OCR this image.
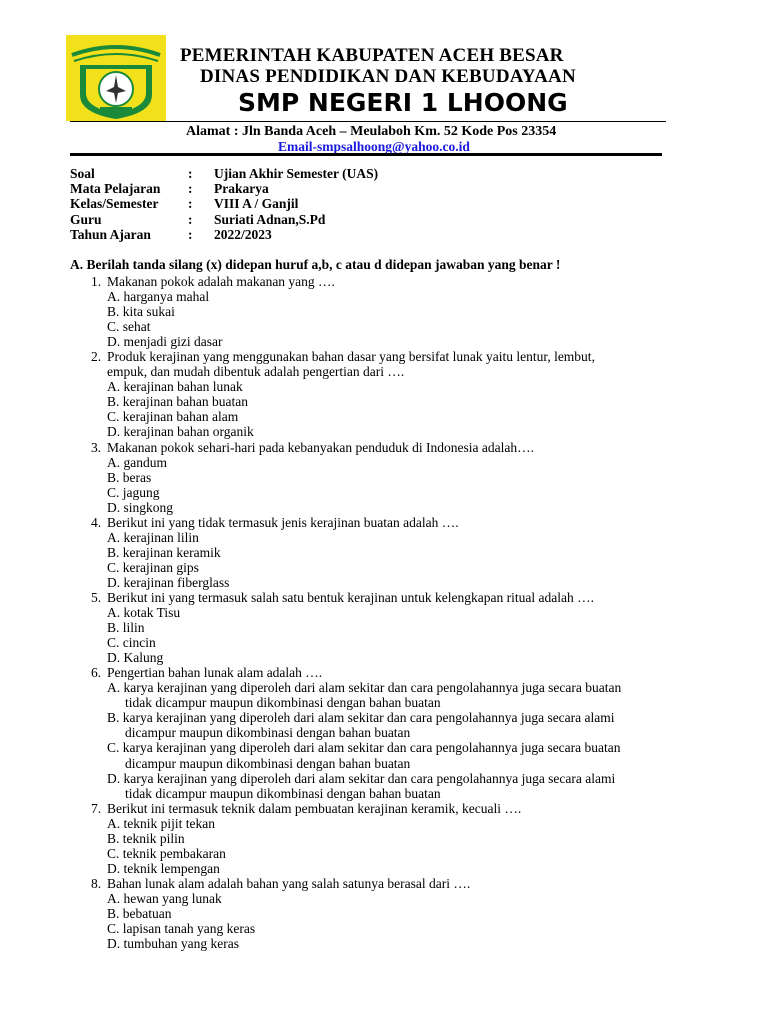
PEMERINTAH KABUPATEN ACEH BESAR
DINAS PENDIDIKAN DAN KEBUDAYAAN
SMP NEGERI 1 LHOONG
Alamat : Jln Banda Aceh – Meulaboh Km. 52 Kode Pos 23354
Email-smpsalhoong@yahoo.co.id
Soal	:	Ujian Akhir Semester (UAS)
Mata Pelajaran	:	Prakarya
Kelas/Semester	:	VIII A / Ganjil
Guru	:	Suriati Adnan,S.Pd
Tahun Ajaran	:	2022/2023
A. Berilah tanda silang (x) didepan huruf a,b, c atau d didepan jawaban yang benar !
1. Makanan pokok adalah makanan yang ….
A. harganya mahal
B. kita sukai
C. sehat
D. menjadi gizi dasar
2. Produk kerajinan yang menggunakan bahan dasar yang bersifat lunak yaitu lentur, lembut,
empuk, dan mudah dibentuk adalah pengertian dari ….
A. kerajinan bahan lunak
B. kerajinan bahan buatan
C. kerajinan bahan alam
D. kerajinan bahan organik
3. Makanan pokok sehari-hari pada kebanyakan penduduk di Indonesia adalah….
A. gandum
B. beras
C. jagung
D. singkong
4. Berikut ini yang tidak termasuk jenis kerajinan buatan adalah ….
A. kerajinan lilin
B. kerajinan keramik
C. kerajinan gips
D. kerajinan fiberglass
5. Berikut ini yang termasuk salah satu bentuk kerajinan untuk kelengkapan ritual adalah ….
A. kotak Tisu
B. lilin
C. cincin
D. Kalung
6. Pengertian bahan lunak alam adalah ….
A. karya kerajinan yang diperoleh dari alam sekitar dan cara pengolahannya juga secara buatan
tidak dicampur maupun dikombinasi dengan bahan buatan
B. karya kerajinan yang diperoleh dari alam sekitar dan cara pengolahannya juga secara alami
dicampur maupun dikombinasi dengan bahan buatan
C. karya kerajinan yang diperoleh dari alam sekitar dan cara pengolahannya juga secara buatan
dicampur maupun dikombinasi dengan bahan buatan
D. karya kerajinan yang diperoleh dari alam sekitar dan cara pengolahannya juga secara alami
tidak dicampur maupun dikombinasi dengan bahan buatan
7. Berikut ini termasuk teknik dalam pembuatan kerajinan keramik, kecuali ….
A. teknik pijit tekan
B. teknik pilin
C. teknik pembakaran
D. teknik lempengan
8. Bahan lunak alam adalah bahan yang salah satunya berasal dari ….
A. hewan yang lunak
B. bebatuan
C. lapisan tanah yang keras
D. tumbuhan yang keras
